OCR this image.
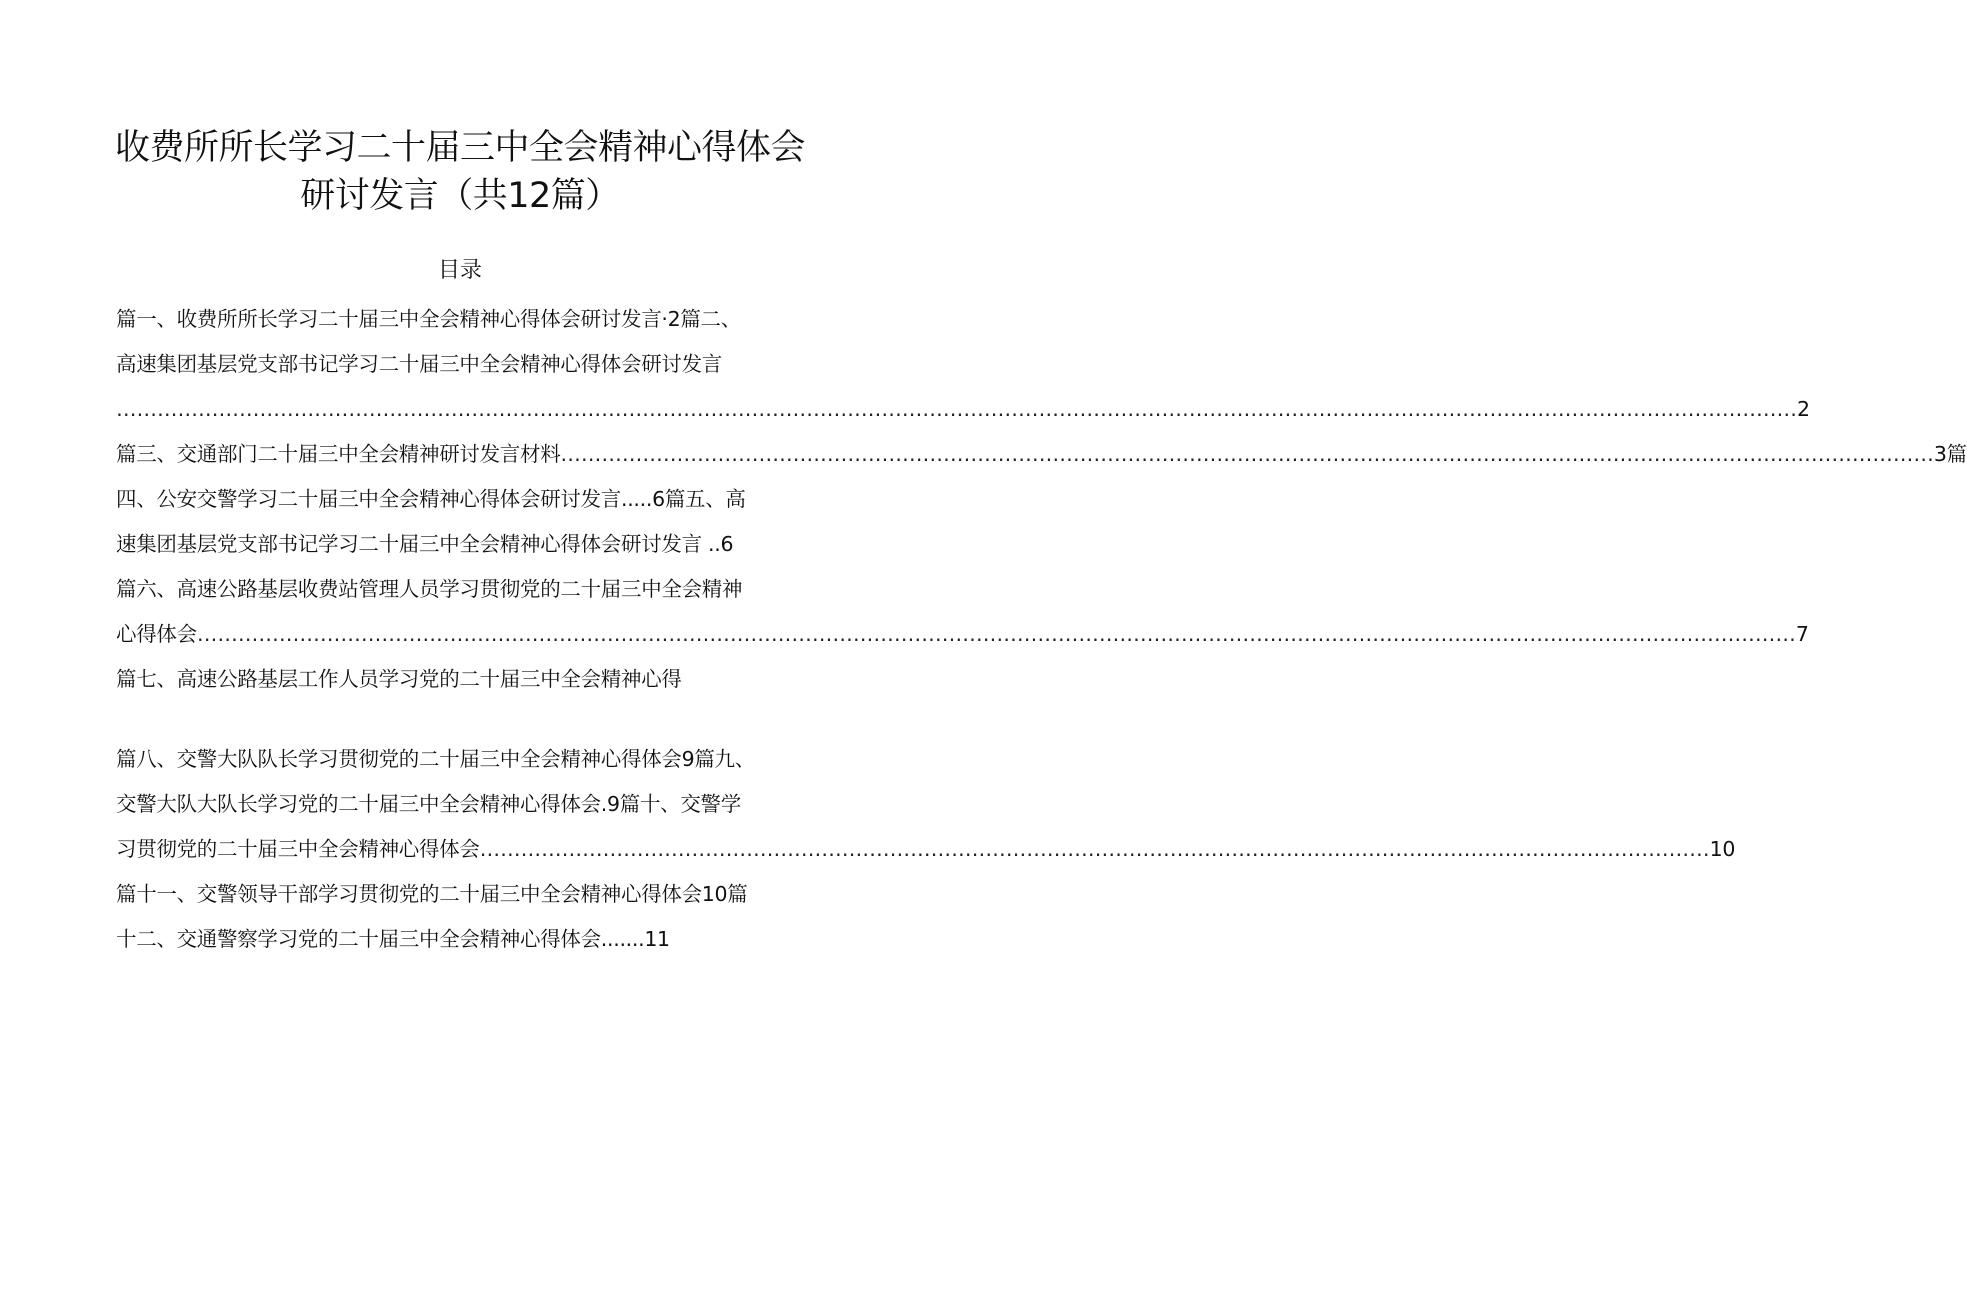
收费所所长学习二十届三中全会精神心得体会
研讨发言（共12篇）
目录
篇一、收费所所长学习二十届三中全会精神心得体会研讨发言·2篇二、
高速集团基层党支部书记学习二十届三中全会精神心得体会研讨发言
………………………………………………………………………………………………………………………………………………………………………………………………………………………… 2
篇三、交通部门二十届三中全会精神研讨发言材料 ………………………………………………………………………………………………………………………………………………………………………………… 3篇
四、公安交警学习二十届三中全会精神心得体会研讨发言.....6篇五、高
速集团基层党支部书记学习二十届三中全会精神心得体会研讨发言 ..6
篇六、高速公路基层收费站管理人员学习贯彻党的二十届三中全会精神
心得体会 ……………………………………………………………………………………………………………………………………………………………………………………………………………… 7
篇七、高速公路基层工作人员学习党的二十届三中全会精神心得
篇八、交警大队队长学习贯彻党的二十届三中全会精神心得体会9篇九、
交警大队大队长学习党的二十届三中全会精神心得体会.9篇十、交警学
习贯彻党的二十届三中全会精神心得体会 ……………………………………………………………………………………………………………………………………………………………… 10
篇十一、交警领导干部学习贯彻党的二十届三中全会精神心得体会10篇
十二、交通警察学习党的二十届三中全会精神心得体会.......11
